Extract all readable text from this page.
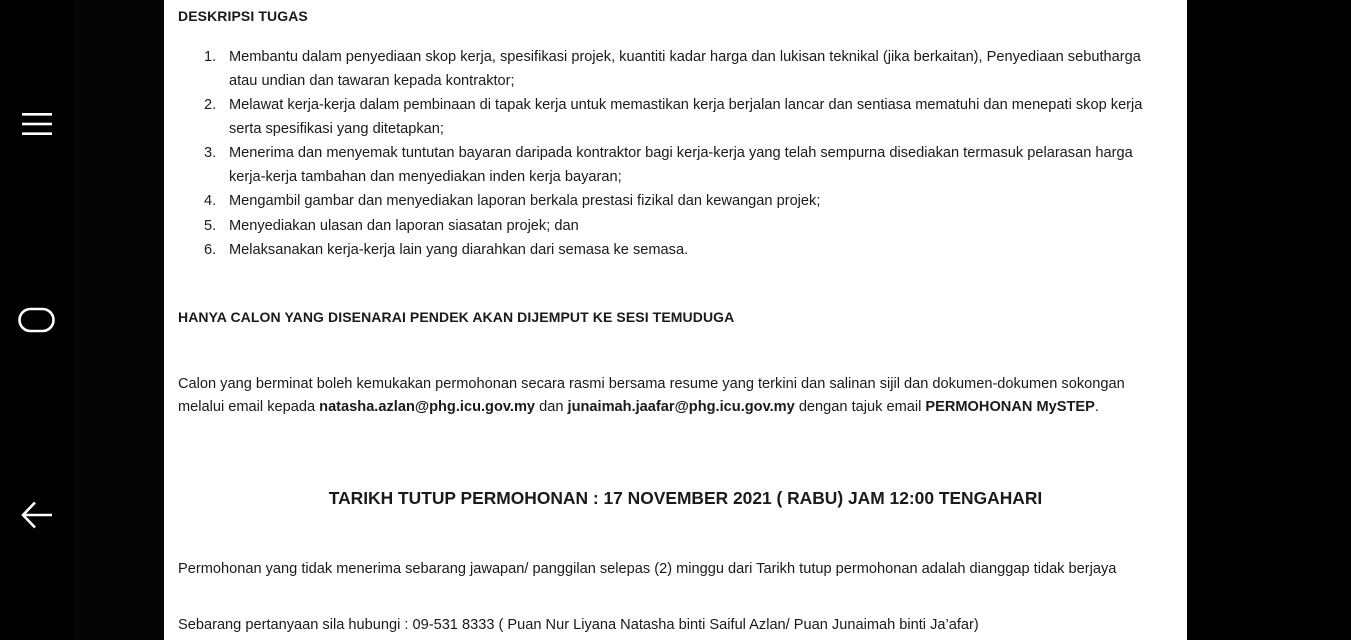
DESKRIPSI TUGAS
1. Membantu dalam penyediaan skop kerja, spesifikasi projek, kuantiti kadar harga dan lukisan teknikal (jika berkaitan), Penyediaan sebutharga atau undian dan tawaran kepada kontraktor;
2. Melawat kerja-kerja dalam pembinaan di tapak kerja untuk memastikan kerja berjalan lancar dan sentiasa mematuhi dan menepati skop kerja serta spesifikasi yang ditetapkan;
3. Menerima dan menyemak tuntutan bayaran daripada kontraktor bagi kerja-kerja yang telah sempurna disediakan termasuk pelarasan harga kerja-kerja tambahan dan menyediakan inden kerja bayaran;
4. Mengambil gambar dan menyediakan laporan berkala prestasi fizikal dan kewangan projek;
5. Menyediakan ulasan dan laporan siasatan projek; dan
6. Melaksanakan kerja-kerja lain yang diarahkan dari semasa ke semasa.
HANYA CALON YANG DISENARAI PENDEK AKAN DIJEMPUT KE SESI TEMUDUGA
Calon yang berminat boleh kemukakan permohonan secara rasmi bersama resume yang terkini dan salinan sijil dan dokumen-dokumen sokongan melalui email kepada natasha.azlan@phg.icu.gov.my dan junaimah.jaafar@phg.icu.gov.my dengan tajuk email PERMOHONAN MySTEP.
TARIKH TUTUP PERMOHONAN : 17 NOVEMBER 2021 ( RABU) JAM 12:00 TENGAHARI
Permohonan yang tidak menerima sebarang jawapan/ panggilan selepas (2) minggu dari Tarikh tutup permohonan adalah dianggap tidak berjaya
Sebarang pertanyaan sila hubungi : 09-531 8333 ( Puan Nur Liyana Natasha binti Saiful Azlan/ Puan Junaimah binti Ja’afar)
